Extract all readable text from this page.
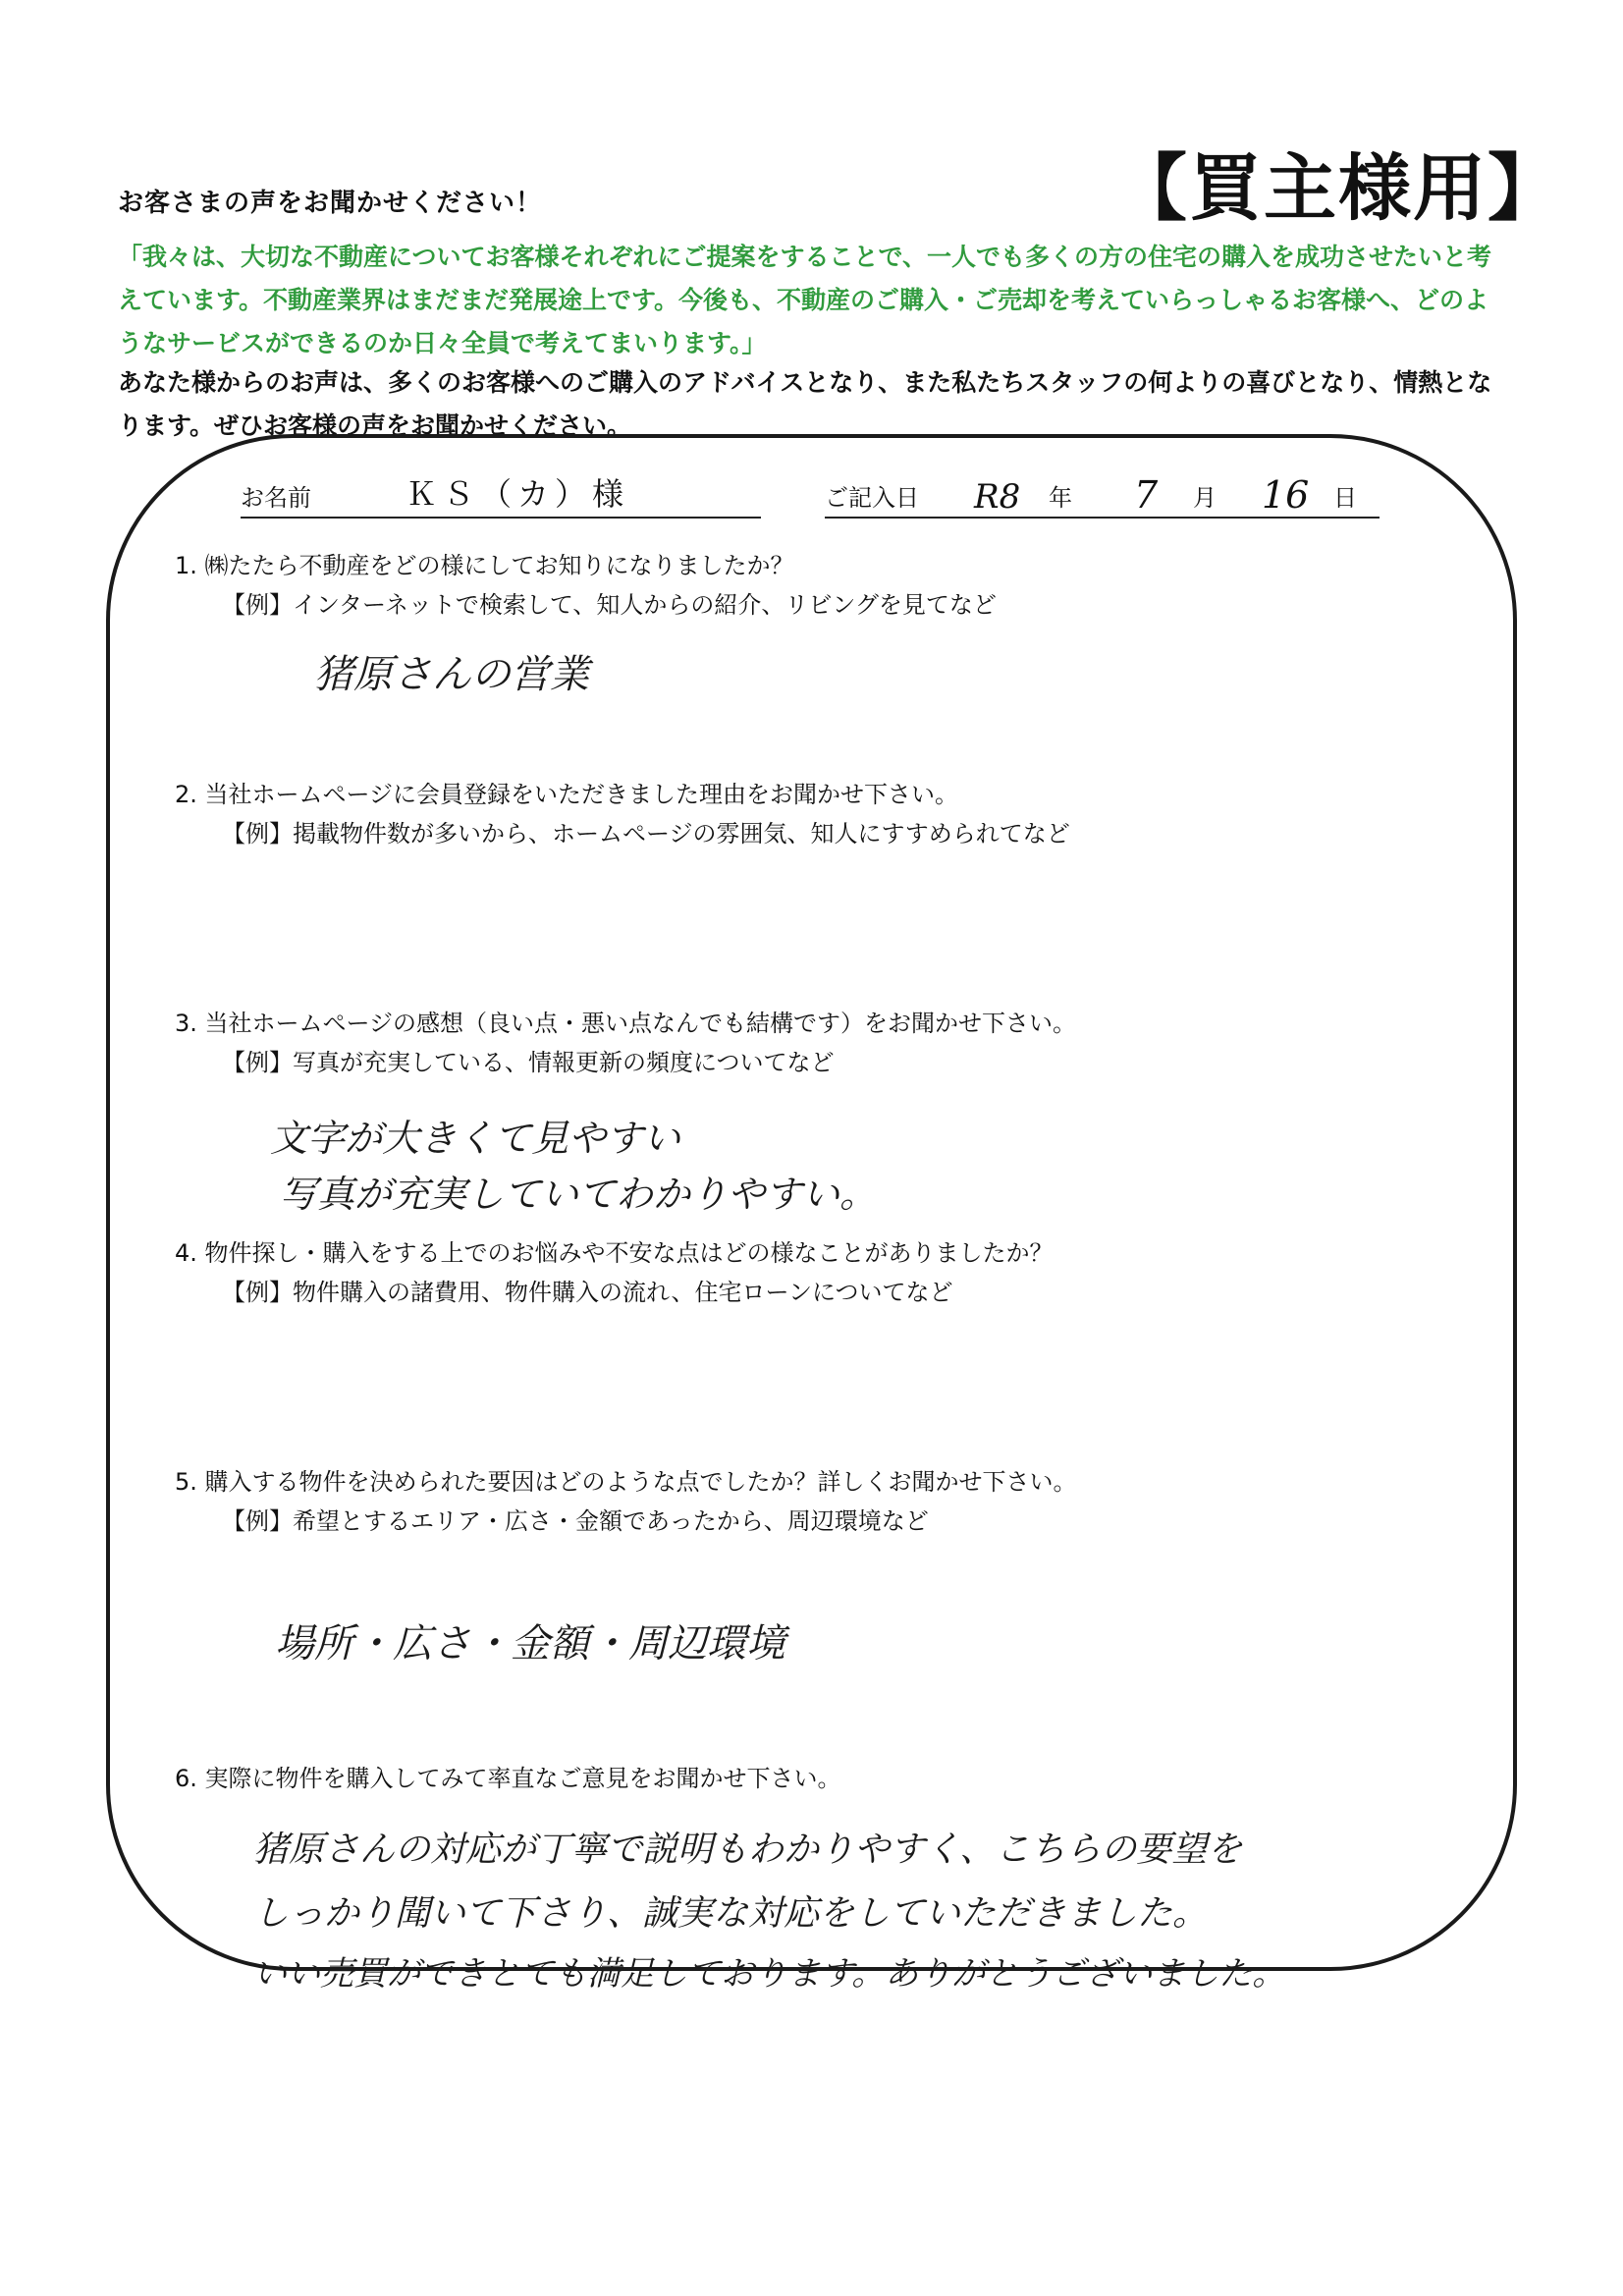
お客さまの声をお聞かせください！	【買主様用】
「我々は、大切な不動産についてお客様それぞれにご提案をすることで、一人でも多くの方の住宅の購入を成功させたいと考えています。不動産業界はまだまだ発展途上です。今後も、不動産のご購入・ご売却を考えていらっしゃるお客様へ、どのようなサービスができるのか日々全員で考えてまいります。」
あなた様からのお声は、多くのお客様へのご購入のアドバイスとなり、また私たちスタッフの何よりの喜びとなり、情熱となります。ぜひお客様の声をお聞かせください。
お名前	ＫＳ（カ）様	ご記入日 R8 年 7 月 16 日
1. ㈱たたら不動産をどの様にしてお知りになりましたか？
【例】インターネットで検索して、知人からの紹介、リビングを見てなど
猪原さんの営業
2. 当社ホームページに会員登録をいただきました理由をお聞かせ下さい。
【例】掲載物件数が多いから、ホームページの雰囲気、知人にすすめられてなど
3. 当社ホームページの感想（良い点・悪い点なんでも結構です）をお聞かせ下さい。
【例】写真が充実している、情報更新の頻度についてなど
文字が大きくて見やすい
写真が充実していてわかりやすい。
4. 物件探し・購入をする上でのお悩みや不安な点はどの様なことがありましたか？
【例】物件購入の諸費用、物件購入の流れ、住宅ローンについてなど
5. 購入する物件を決められた要因はどのような点でしたか？詳しくお聞かせ下さい。
【例】希望とするエリア・広さ・金額であったから、周辺環境など
場所・広さ・金額・周辺環境
6. 実際に物件を購入してみて率直なご意見をお聞かせ下さい。
猪原さんの対応が丁寧で説明もわかりやすく、こちらの要望を
しっかり聞いて下さり、誠実な対応をしていただきました。
いい売買ができとても満足しております。ありがとうございました。
